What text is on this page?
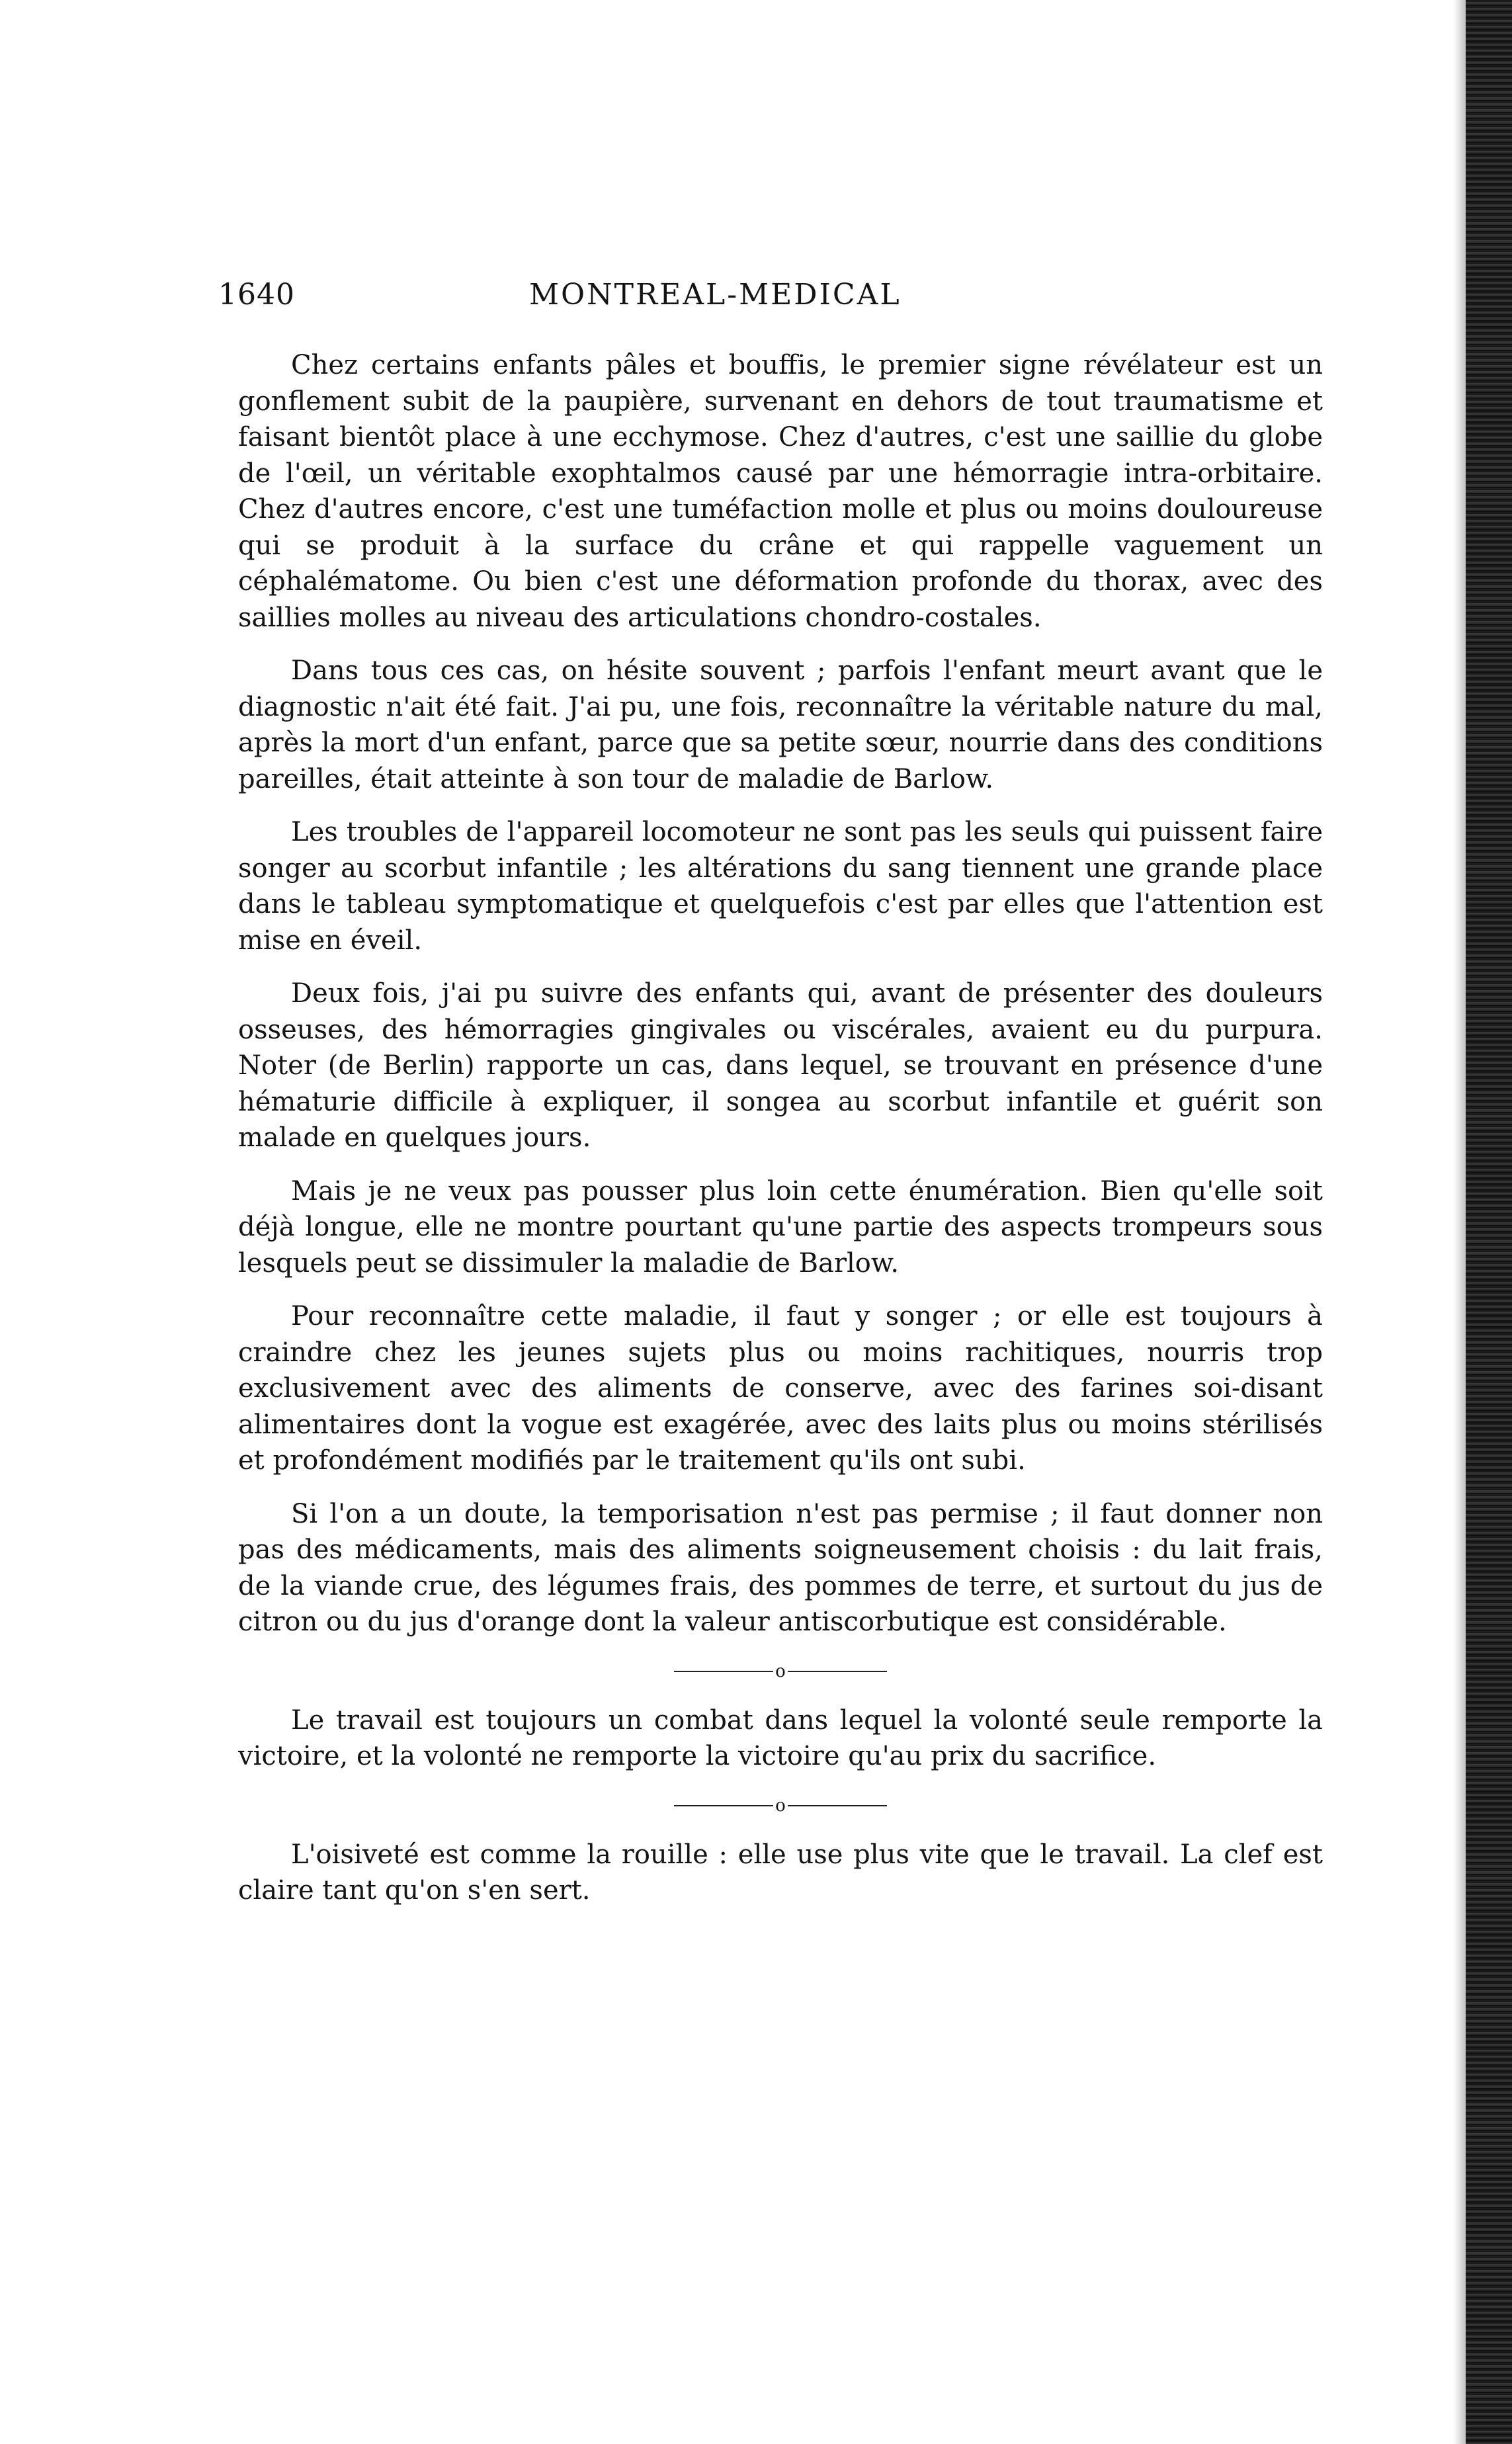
1640	MONTREAL-MEDICAL

Chez certains enfants pâles et bouffis, le premier signe révélateur est un gonflement subit de la paupière, survenant en dehors de tout traumatisme et faisant bientôt place à une ecchymose. Chez d'autres, c'est une saillie du globe de l'œil, un véritable exophtalmos causé par une hémorragie intra-orbitaire. Chez d'autres encore, c'est une tuméfaction molle et plus ou moins douloureuse qui se produit à la surface du crâne et qui rappelle vaguement un céphalématome. Ou bien c'est une déformation profonde du thorax, avec des saillies molles au niveau des articulations chondro-costales.

Dans tous ces cas, on hésite souvent ; parfois l'enfant meurt avant que le diagnostic n'ait été fait. J'ai pu, une fois, reconnaître la véritable nature du mal, après la mort d'un enfant, parce que sa petite sœur, nourrie dans des conditions pareilles, était atteinte à son tour de maladie de Barlow.

Les troubles de l'appareil locomoteur ne sont pas les seuls qui puissent faire songer au scorbut infantile ; les altérations du sang tiennent une grande place dans le tableau symptomatique et quelquefois c'est par elles que l'attention est mise en éveil.

Deux fois, j'ai pu suivre des enfants qui, avant de présenter des douleurs osseuses, des hémorragies gingivales ou viscérales, avaient eu du purpura. Noter (de Berlin) rapporte un cas, dans lequel, se trouvant en présence d'une hématurie difficile à expliquer, il songea au scorbut infantile et guérit son malade en quelques jours.

Mais je ne veux pas pousser plus loin cette énumération. Bien qu'elle soit déjà longue, elle ne montre pourtant qu'une partie des aspects trompeurs sous lesquels peut se dissimuler la maladie de Barlow.

Pour reconnaître cette maladie, il faut y songer ; or elle est toujours à craindre chez les jeunes sujets plus ou moins rachitiques, nourris trop exclusivement avec des aliments de conserve, avec des farines soi-disant alimentaires dont la vogue est exagérée, avec des laits plus ou moins stérilisés et profondément modifiés par le traitement qu'ils ont subi.

Si l'on a un doute, la temporisation n'est pas permise ; il faut donner non pas des médicaments, mais des aliments soigneusement choisis : du lait frais, de la viande crue, des légumes frais, des pommes de terre, et surtout du jus de citron ou du jus d'orange dont la valeur antiscorbutique est considérable.

o

Le travail est toujours un combat dans lequel la volonté seule remporte la victoire, et la volonté ne remporte la victoire qu'au prix du sacrifice.

o

L'oisiveté est comme la rouille : elle use plus vite que le travail. La clef est claire tant qu'on s'en sert.
